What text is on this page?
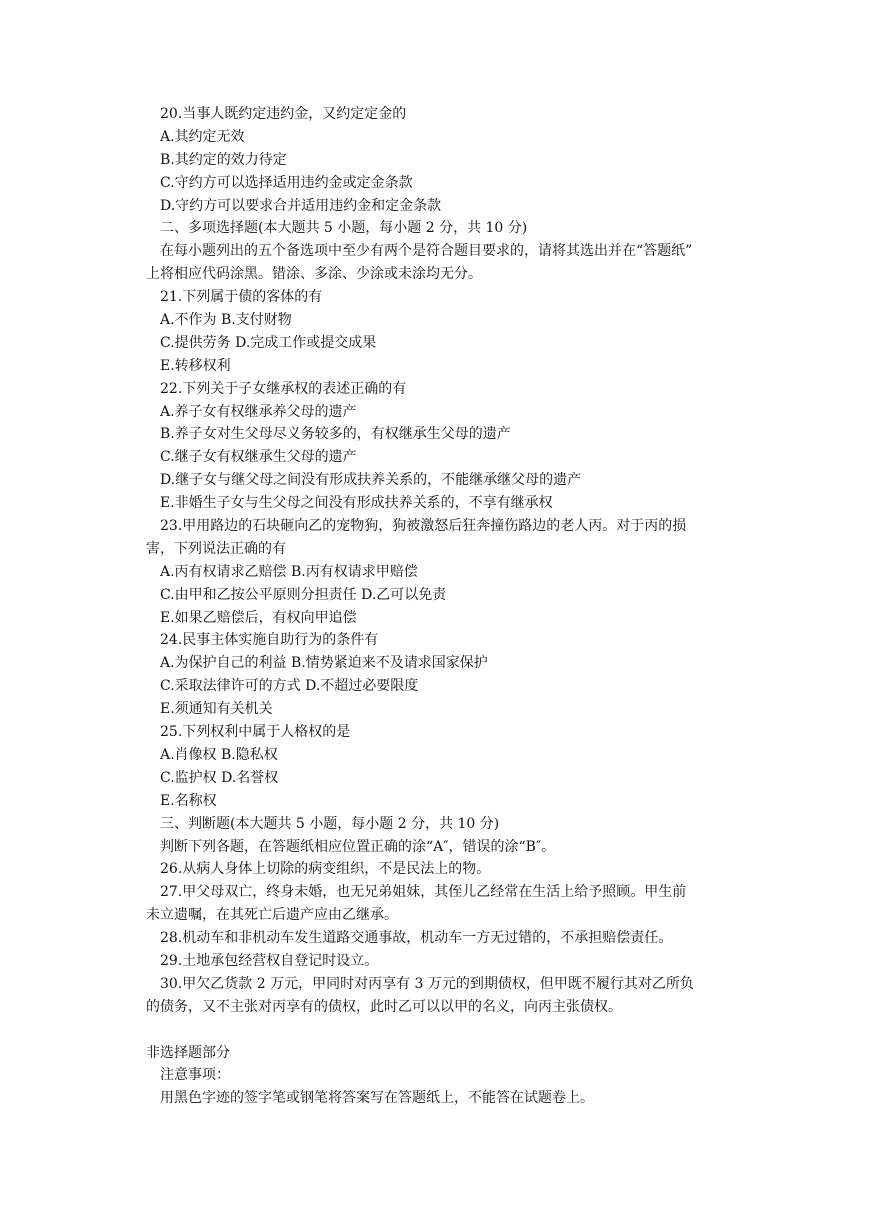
20.当事人既约定违约金，又约定定金的
A.其约定无效
B.其约定的效力待定
C.守约方可以选择适用违约金或定金条款
D.守约方可以要求合并适用违约金和定金条款
二、多项选择题(本大题共 5 小题，每小题 2 分，共 10 分)
在每小题列出的五个备选项中至少有两个是符合题目要求的，请将其选出并在“答题纸”
上将相应代码涂黑。错涂、多涂、少涂或未涂均无分。
21.下列属于债的客体的有
A.不作为 B.支付财物
C.提供劳务 D.完成工作或提交成果
E.转移权利
22.下列关于子女继承权的表述正确的有
A.养子女有权继承养父母的遗产
B.养子女对生父母尽义务较多的，有权继承生父母的遗产
C.继子女有权继承生父母的遗产
D.继子女与继父母之间没有形成扶养关系的，不能继承继父母的遗产
E.非婚生子女与生父母之间没有形成扶养关系的，不享有继承权
23.甲用路边的石块砸向乙的宠物狗，狗被激怒后狂奔撞伤路边的老人丙。对于丙的损
害，下列说法正确的有
A.丙有权请求乙赔偿 B.丙有权请求甲赔偿
C.由甲和乙按公平原则分担责任 D.乙可以免责
E.如果乙赔偿后，有权向甲追偿
24.民事主体实施自助行为的条件有
A.为保护自己的利益 B.情势紧迫来不及请求国家保护
C.采取法律许可的方式 D.不超过必要限度
E.须通知有关机关
25.下列权利中属于人格权的是
A.肖像权 B.隐私权
C.监护权 D.名誉权
E.名称权
三、判断题(本大题共 5 小题，每小题 2 分，共 10 分)
判断下列各题，在答题纸相应位置正确的涂“A″，错误的涂“B″。
26.从病人身体上切除的病变组织，不是民法上的物。
27.甲父母双亡，终身未婚，也无兄弟姐妹，其侄儿乙经常在生活上给予照顾。甲生前
未立遗嘱，在其死亡后遗产应由乙继承。
28.机动车和非机动车发生道路交通事故，机动车一方无过错的，不承担赔偿责任。
29.土地承包经营权自登记时设立。
30.甲欠乙货款 2 万元，甲同时对丙享有 3 万元的到期债权，但甲既不履行其对乙所负
的债务，又不主张对丙享有的债权，此时乙可以以甲的名义，向丙主张债权。
非选择题部分
注意事项：
用黑色字迹的签字笔或钢笔将答案写在答题纸上，不能答在试题卷上。
